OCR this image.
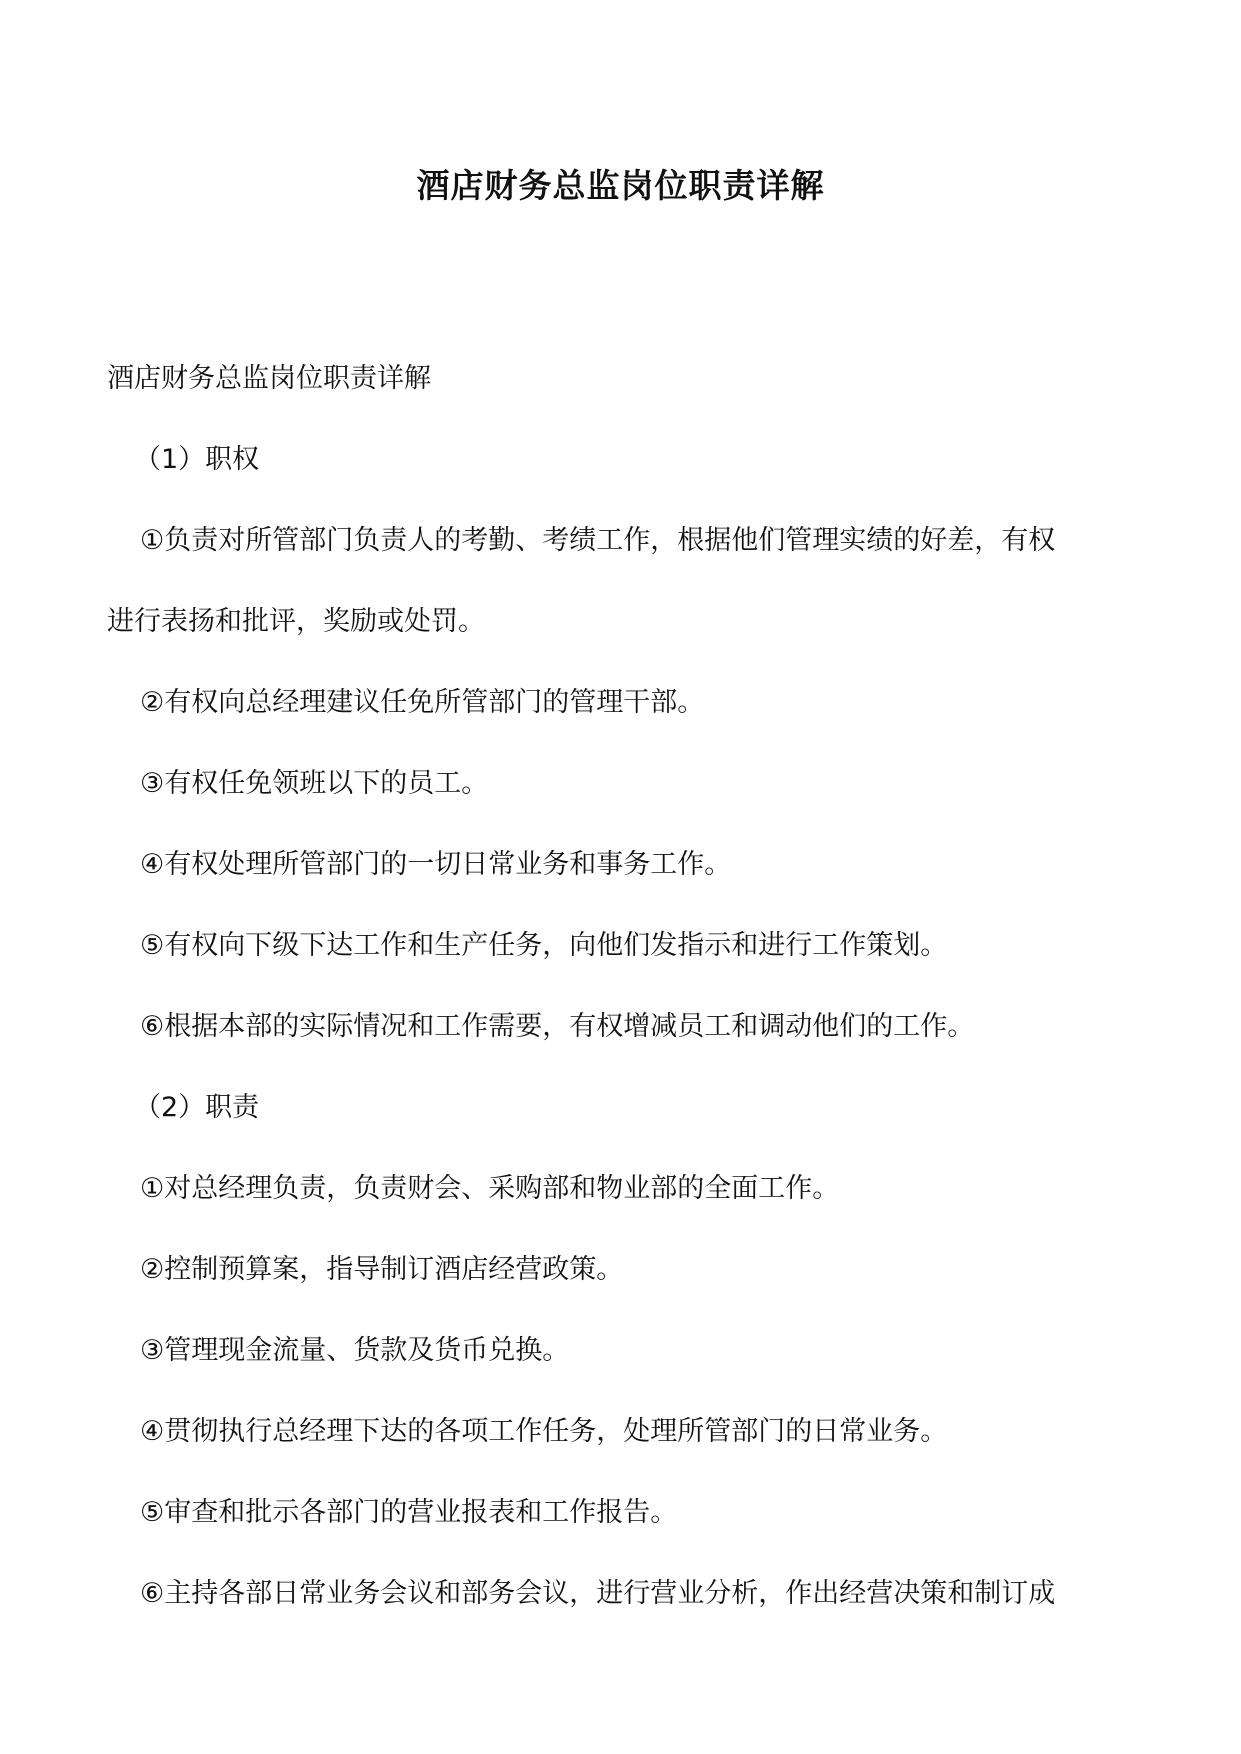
酒店财务总监岗位职责详解

酒店财务总监岗位职责详解

（1）职权

①负责对所管部门负责人的考勤、考绩工作，根据他们管理实绩的好差，有权

进行表扬和批评，奖励或处罚。

②有权向总经理建议任免所管部门的管理干部。

③有权任免领班以下的员工。

④有权处理所管部门的一切日常业务和事务工作。

⑤有权向下级下达工作和生产任务，向他们发指示和进行工作策划。

⑥根据本部的实际情况和工作需要，有权增减员工和调动他们的工作。

（2）职责

①对总经理负责，负责财会、采购部和物业部的全面工作。

②控制预算案，指导制订酒店经营政策。

③管理现金流量、货款及货币兑换。

④贯彻执行总经理下达的各项工作任务，处理所管部门的日常业务。

⑤审查和批示各部门的营业报表和工作报告。

⑥主持各部日常业务会议和部务会议，进行营业分析，作出经营决策和制订成
